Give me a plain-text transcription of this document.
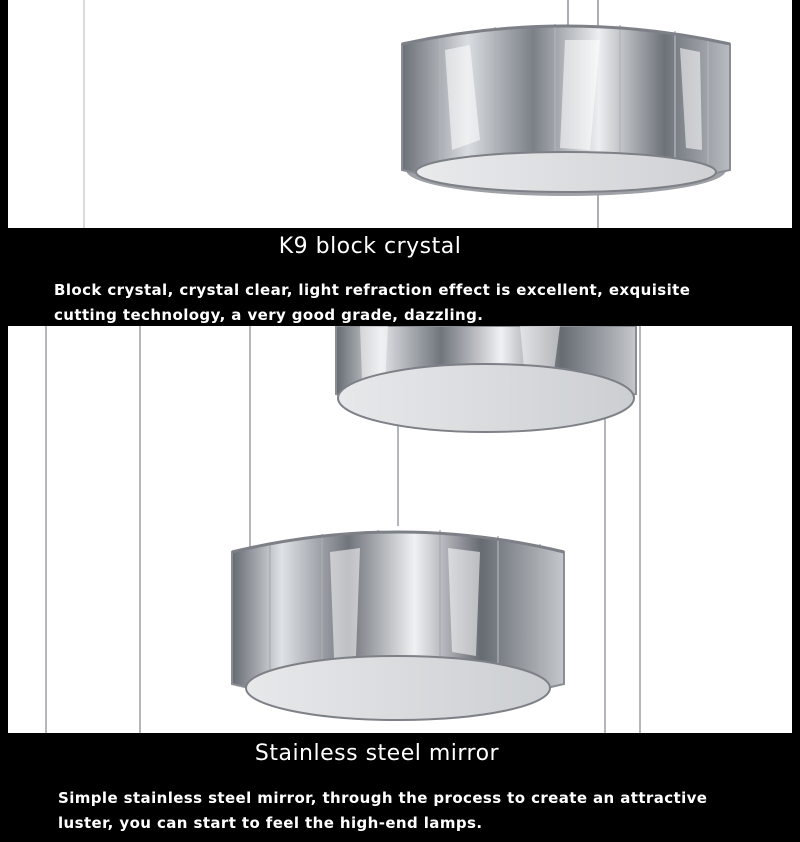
K9 block crystal

Block crystal, crystal clear, light refraction effect is excellent, exquisite cutting technology, a very good grade, dazzling.

Stainless steel mirror

Simple stainless steel mirror, through the process to create an attractive luster, you can start to feel the high-end lamps.
